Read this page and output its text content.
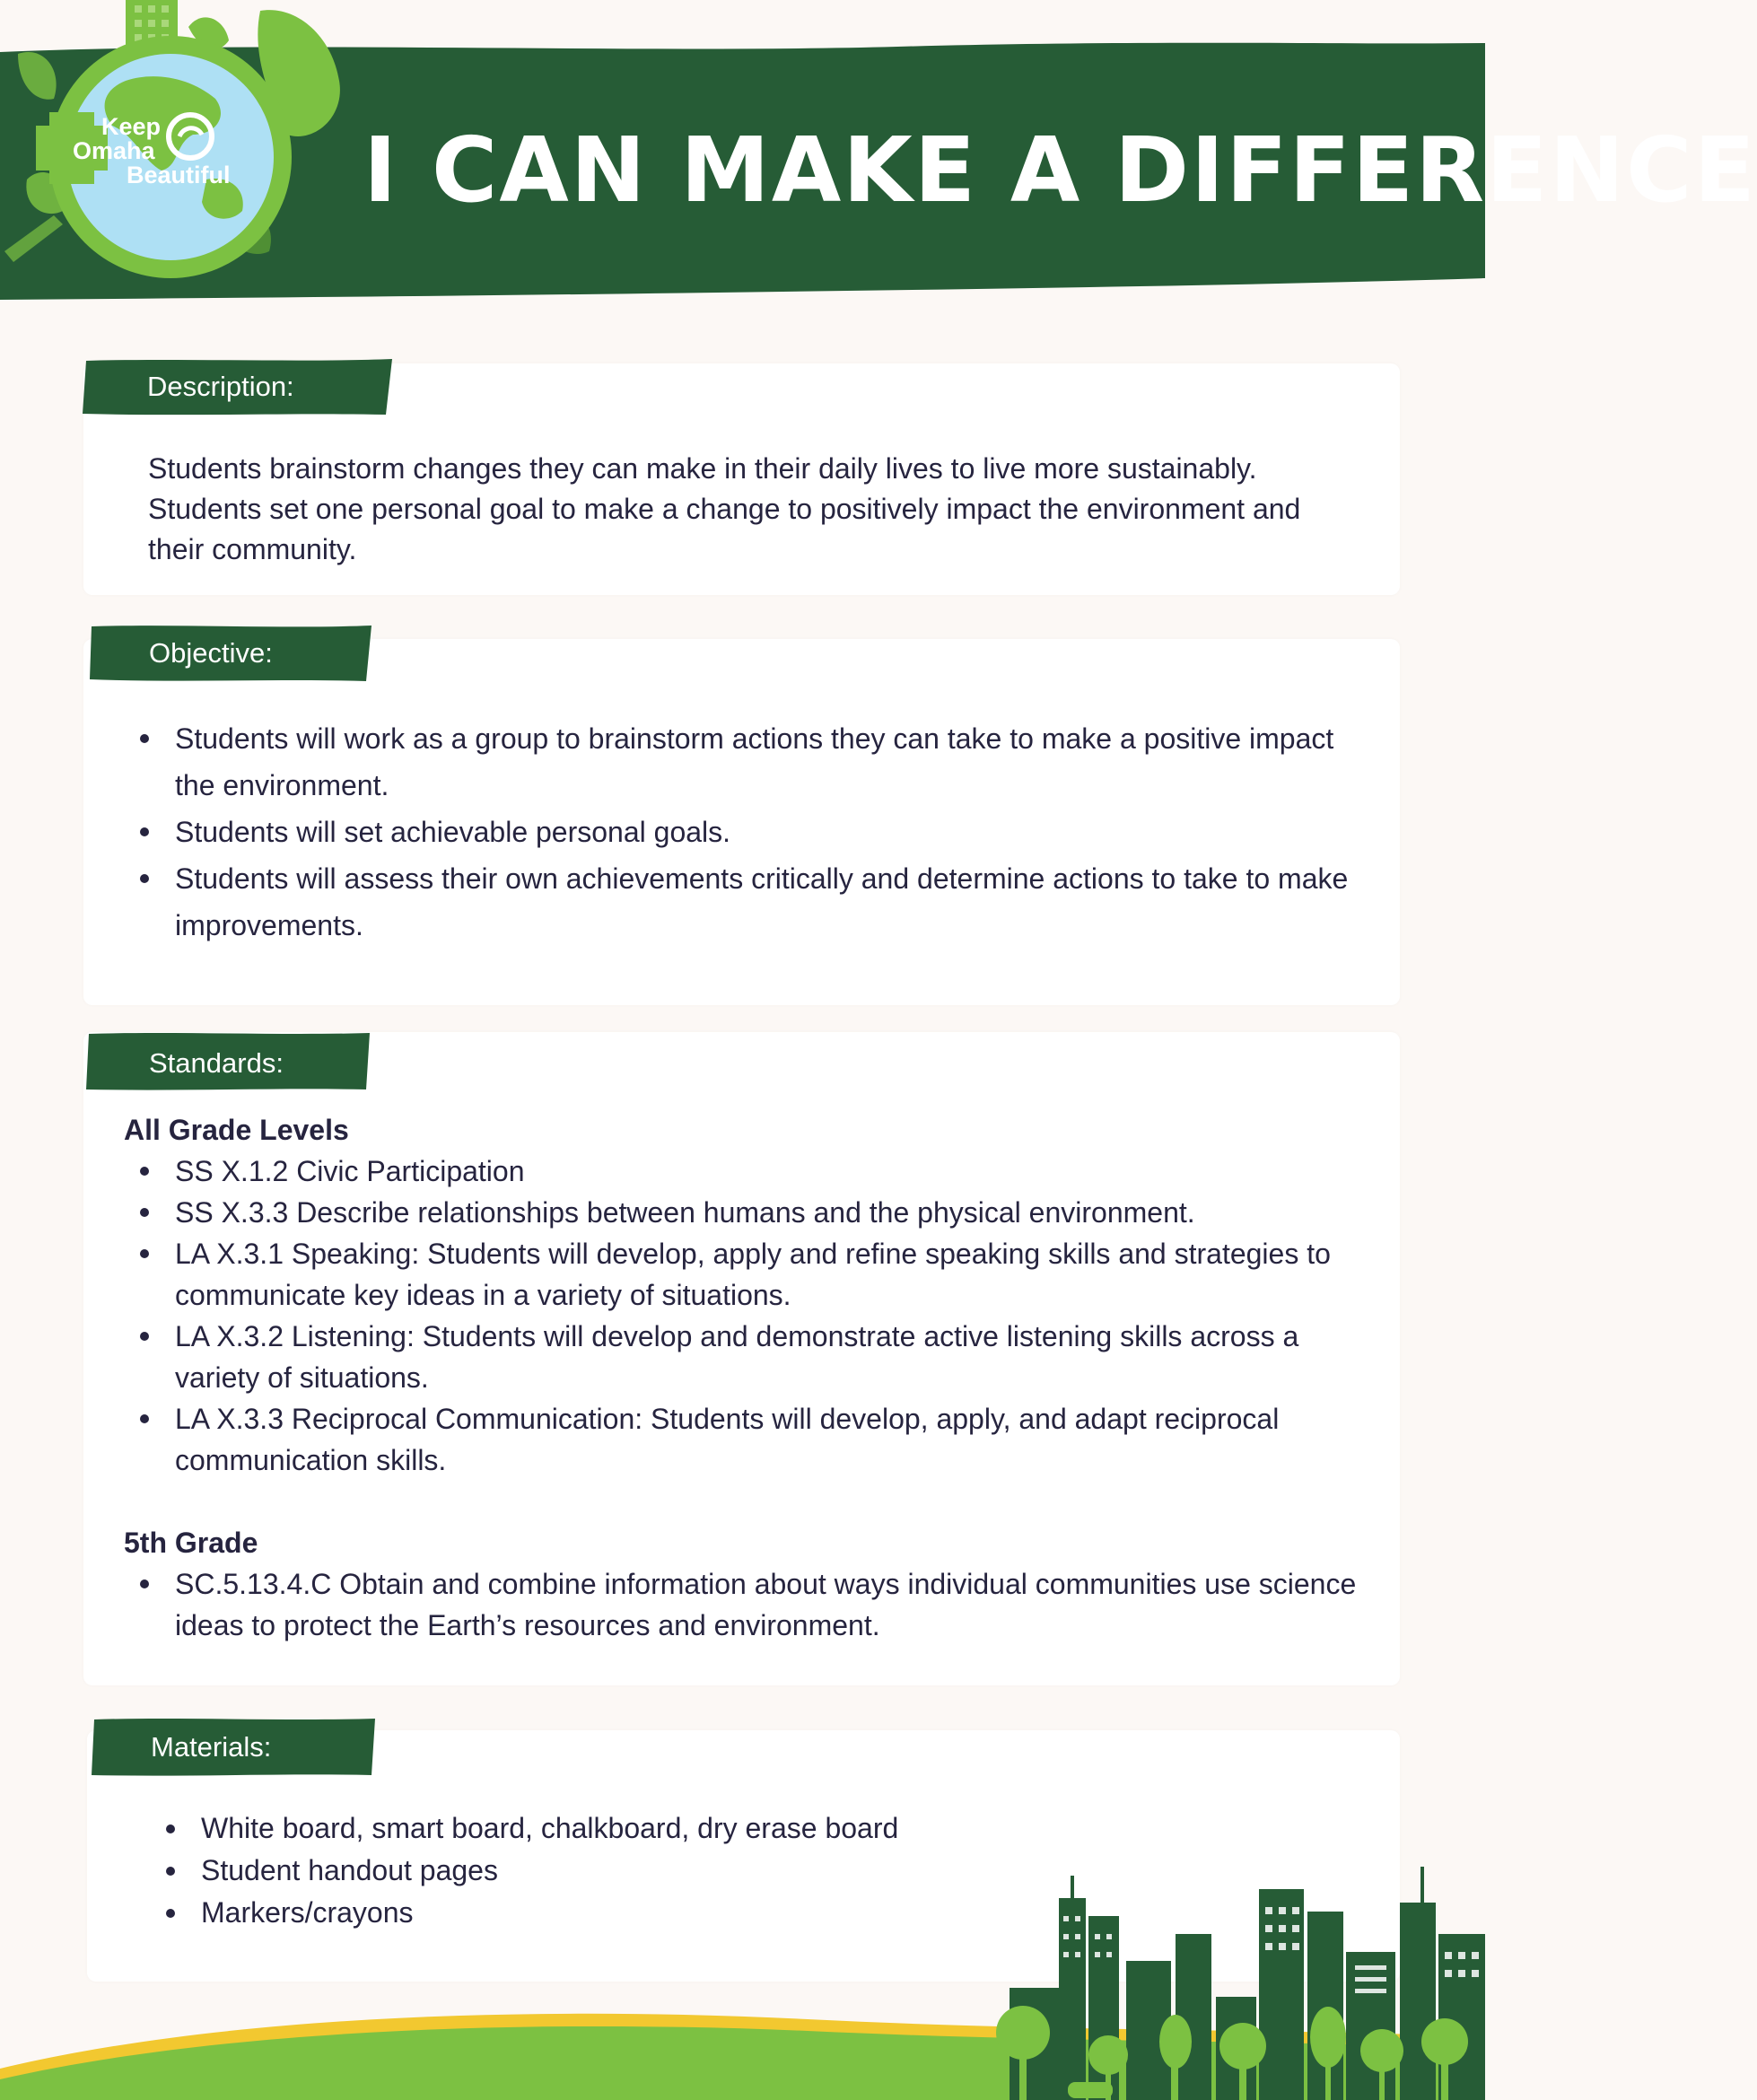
Keep
Omaha
Beautiful I CAN MAKE A DIFFERENCE
Description:
Students brainstorm changes they can make in their daily lives to live more sustainably. Students set one personal goal to make a change to positively impact the environment and their community.
Objective:
Students will work as a group to brainstorm actions they can take to make a positive impact the environment.
Students will set achievable personal goals.
Students will assess their own achievements critically and determine actions to take to make improvements.
Standards:
All Grade Levels
SS X.1.2 Civic Participation
SS X.3.3 Describe relationships between humans and the physical environment.
LA X.3.1 Speaking: Students will develop, apply and refine speaking skills and strategies to communicate key ideas in a variety of situations.
LA X.3.2 Listening: Students will develop and demonstrate active listening skills across a variety of situations.
LA X.3.3 Reciprocal Communication: Students will develop, apply, and adapt reciprocal communication skills.
5th Grade
SC.5.13.4.C Obtain and combine information about ways individual communities use science ideas to protect the Earth’s resources and environment.
Materials:
White board, smart board, chalkboard, dry erase board
Student handout pages
Markers/crayons
